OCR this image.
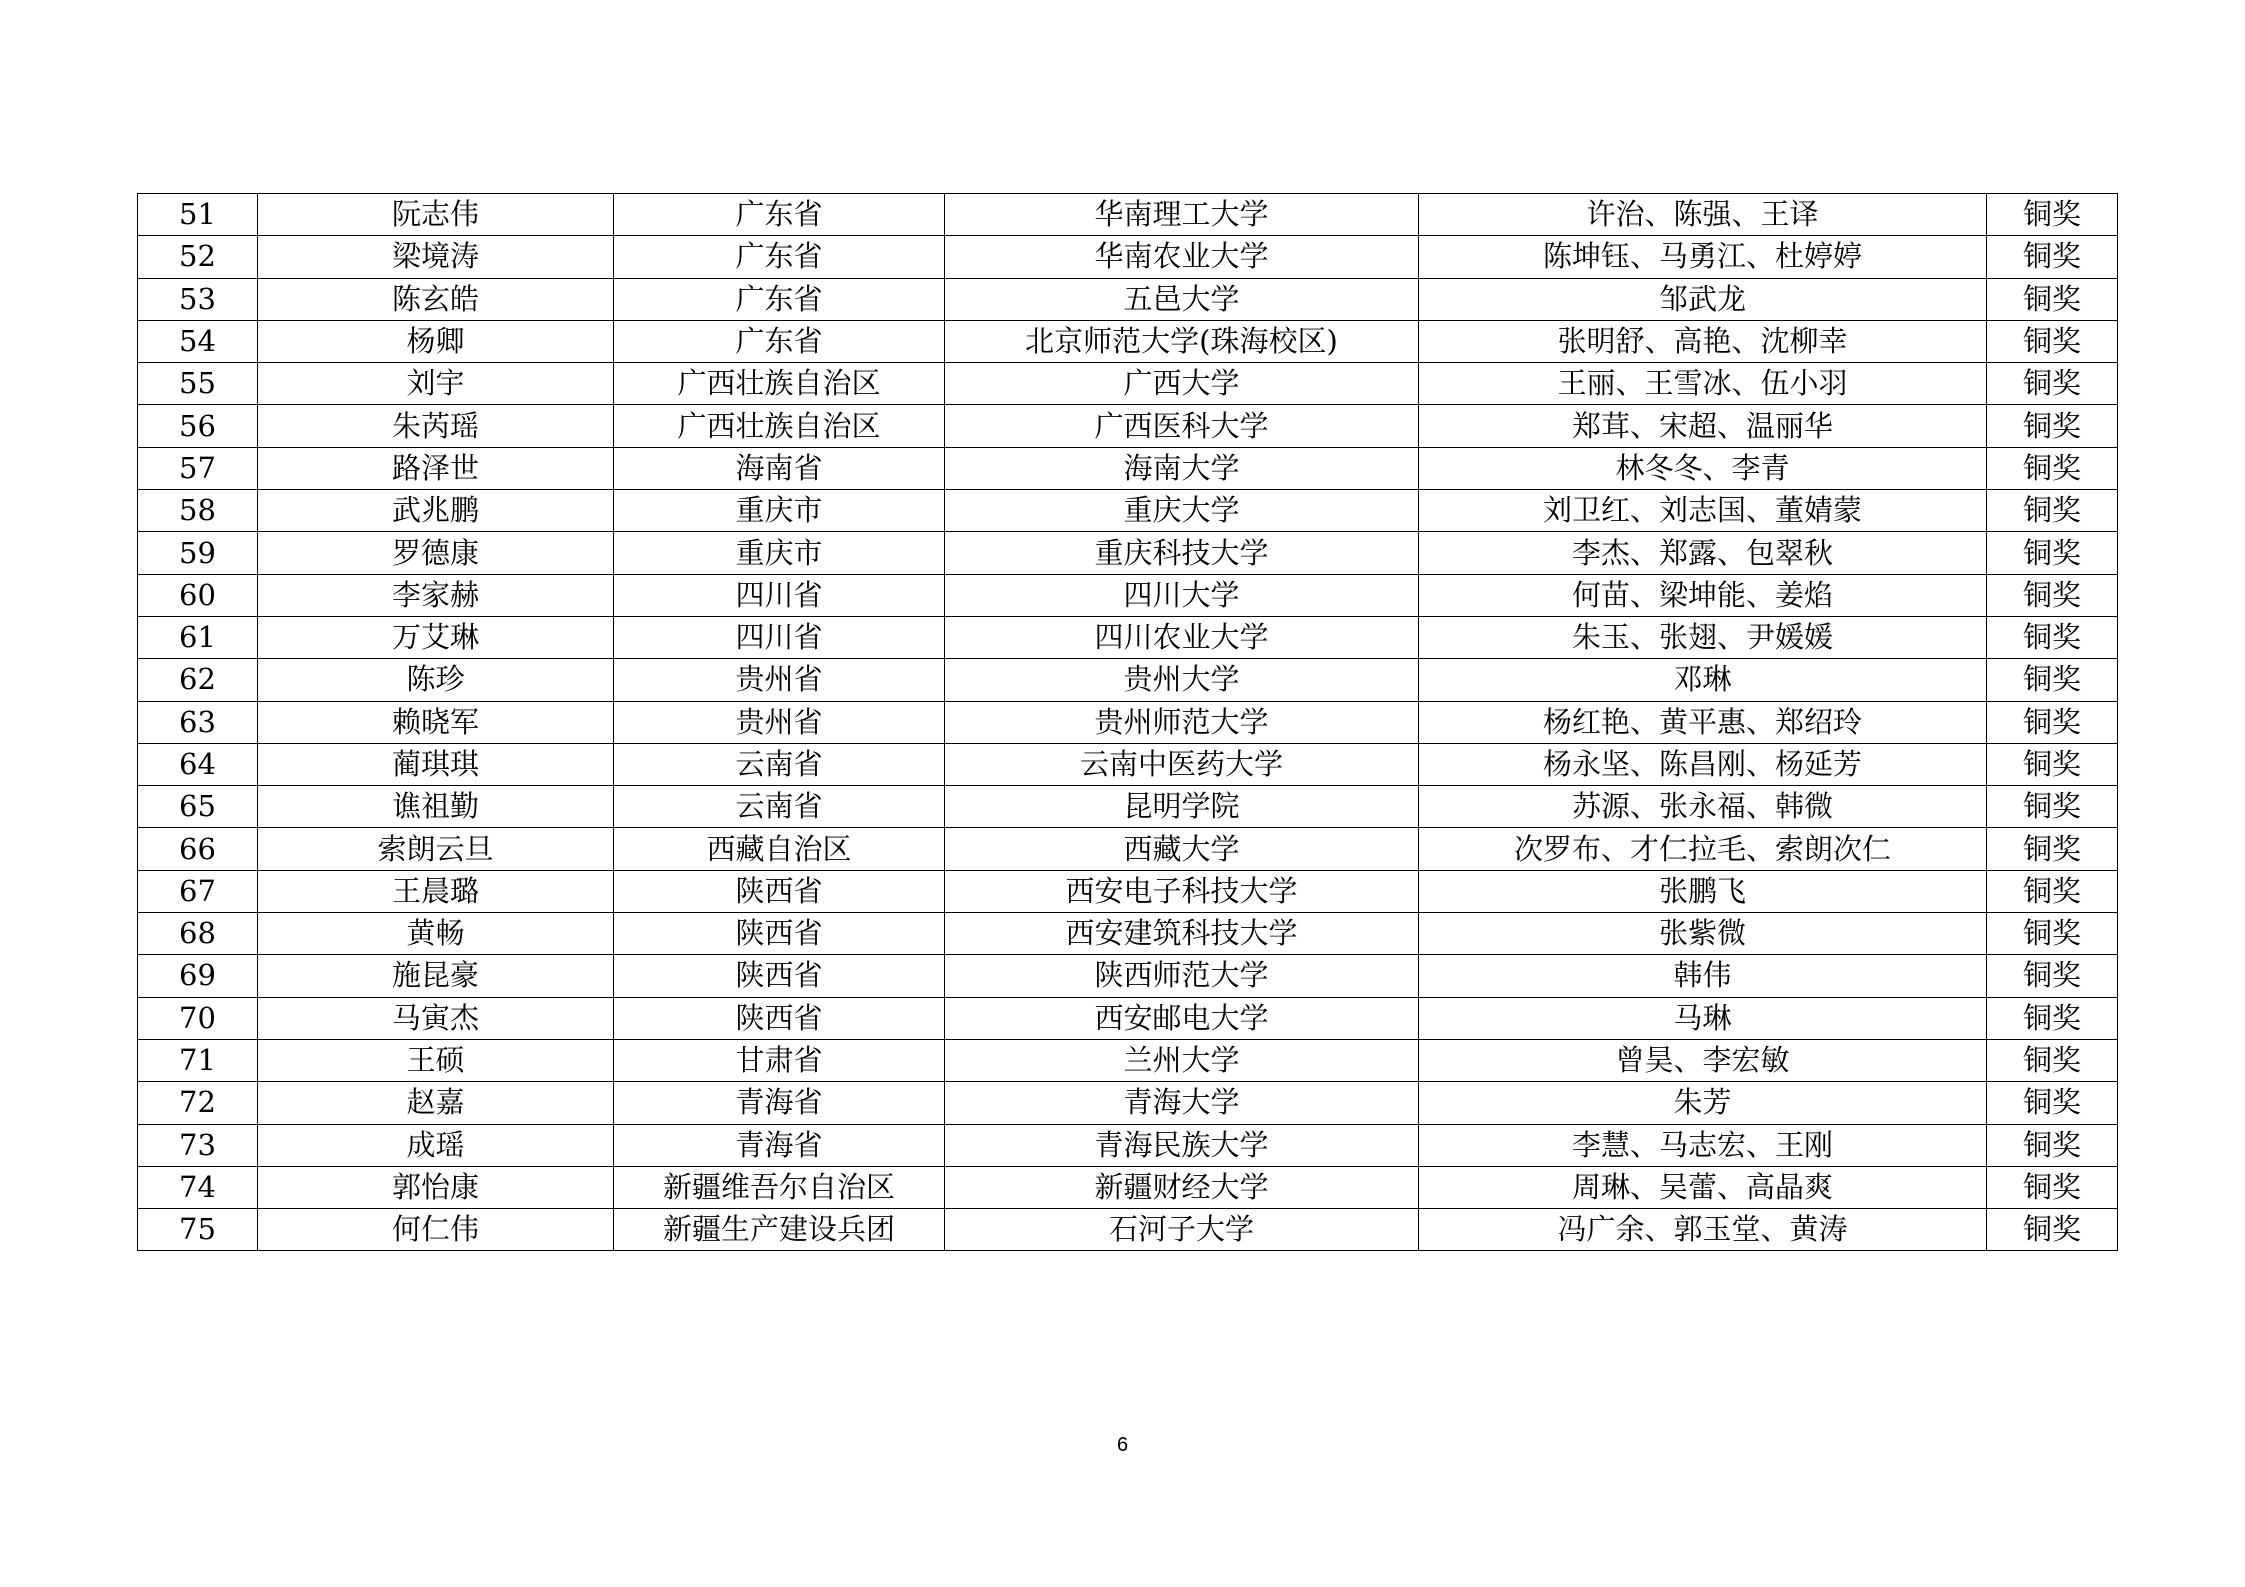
51	阮志伟	广东省	华南理工大学	许治、陈强、王译	铜奖
52	梁境涛	广东省	华南农业大学	陈坤钰、马勇江、杜婷婷	铜奖
53	陈玄皓	广东省	五邑大学	邹武龙	铜奖
54	杨卿	广东省	北京师范大学(珠海校区)	张明舒、高艳、沈柳幸	铜奖
55	刘宇	广西壮族自治区	广西大学	王丽、王雪冰、伍小羽	铜奖
56	朱芮瑶	广西壮族自治区	广西医科大学	郑茸、宋超、温丽华	铜奖
57	路泽世	海南省	海南大学	林冬冬、李青	铜奖
58	武兆鹏	重庆市	重庆大学	刘卫红、刘志国、董婧蒙	铜奖
59	罗德康	重庆市	重庆科技大学	李杰、郑露、包翠秋	铜奖
60	李家赫	四川省	四川大学	何苗、梁坤能、姜焰	铜奖
61	万艾琳	四川省	四川农业大学	朱玉、张翅、尹媛媛	铜奖
62	陈珍	贵州省	贵州大学	邓琳	铜奖
63	赖晓军	贵州省	贵州师范大学	杨红艳、黄平惠、郑绍玲	铜奖
64	蔺琪琪	云南省	云南中医药大学	杨永坚、陈昌刚、杨延芳	铜奖
65	谯祖勤	云南省	昆明学院	苏源、张永福、韩微	铜奖
66	索朗云旦	西藏自治区	西藏大学	次罗布、才仁拉毛、索朗次仁	铜奖
67	王晨璐	陕西省	西安电子科技大学	张鹏飞	铜奖
68	黄畅	陕西省	西安建筑科技大学	张紫微	铜奖
69	施昆豪	陕西省	陕西师范大学	韩伟	铜奖
70	马寅杰	陕西省	西安邮电大学	马琳	铜奖
71	王硕	甘肃省	兰州大学	曾昊、李宏敏	铜奖
72	赵嘉	青海省	青海大学	朱芳	铜奖
73	成瑶	青海省	青海民族大学	李慧、马志宏、王刚	铜奖
74	郭怡康	新疆维吾尔自治区	新疆财经大学	周琳、吴蕾、高晶爽	铜奖
75	何仁伟	新疆生产建设兵团	石河子大学	冯广余、郭玉堂、黄涛	铜奖
6
